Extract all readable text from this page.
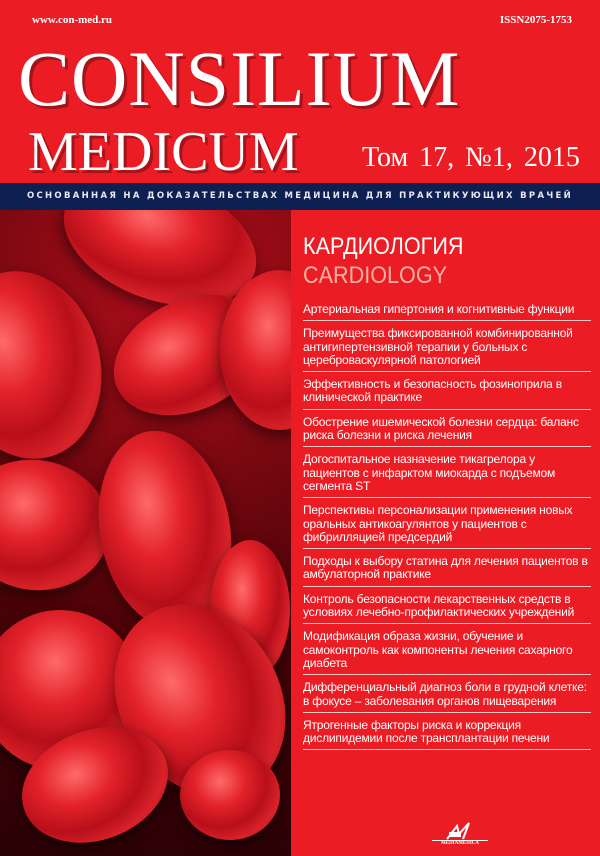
www.con-med.ru	ISSN2075-1753
CONSILIUM
MEDICUM Том 17, №1, 2015
ОСНОВАННАЯ НА ДОКАЗАТЕЛЬСТВАХ МЕДИЦИНА ДЛЯ ПРАКТИКУЮЩИХ ВРАЧЕЙ
КАРДИОЛОГИЯ
CARDIOLOGY
Артериальная гипертония и когнитивные функции
Преимущества фиксированной комбинированной антигипертензивной терапии у больных с цереброваскулярной патологией
Эффективность и безопасность фозиноприла в клинической практике
Обострение ишемической болезни сердца: баланс риска болезни и риска лечения
Догоспитальное назначение тикагрелора у пациентов с инфарктом миокарда с подъемом сегмента ST
Перспективы персонализации применения новых оральных антикоагулянтов у пациентов с фибрилляцией предсердий
Подходы к выбору статина для лечения пациентов в амбулаторной практике
Контроль безопасности лекарственных средств в условиях лечебно-профилактических учреждений
Модификация образа жизни, обучение и самоконтроль как компоненты лечения сахарного диабета
Дифференциальный диагноз боли в грудной клетке: в фокусе – заболевания органов пищеварения
Ятрогенные факторы риска и коррекция дислипидемии после трансплантации печени
MEDIAMEDICA
